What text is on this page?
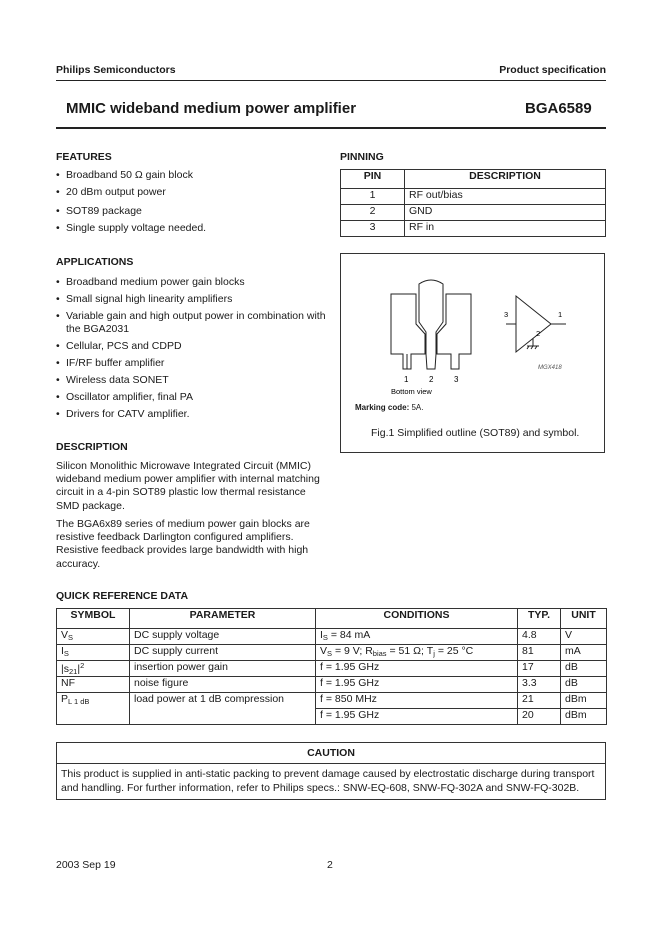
Philips Semiconductors	Product specification
MMIC wideband medium power amplifier	BGA6589
FEATURES
• Broadband 50 Ω gain block
• 20 dBm output power
• SOT89 package
• Single supply voltage needed.
APPLICATIONS
• Broadband medium power gain blocks
• Small signal high linearity amplifiers
• Variable gain and high output power in combination with the BGA2031
• Cellular, PCS and CDPD
• IF/RF buffer amplifier
• Wireless data SONET
• Oscillator amplifier, final PA
• Drivers for CATV amplifier.
DESCRIPTION
Silicon Monolithic Microwave Integrated Circuit (MMIC) wideband medium power amplifier with internal matching circuit in a 4-pin SOT89 plastic low thermal resistance SMD package.
The BGA6x89 series of medium power gain blocks are resistive feedback Darlington configured amplifiers. Resistive feedback provides large bandwidth with high accuracy.
PINNING
PIN	DESCRIPTION
1	RF out/bias
2	GND
3	RF in
1	2	3
Bottom view
3	1
2
MGX418
Marking code: 5A.
Fig.1 Simplified outline (SOT89) and symbol.
QUICK REFERENCE DATA
SYMBOL	PARAMETER	CONDITIONS	TYP.	UNIT
$V_S$	DC supply voltage	$I_S = 84$ mA	4.8	V
$I_S$	DC supply current	$V_S = 9$ V; $R_{bias} = 51$ Ω; $T_j = 25$ °C	81	mA
$|s_{21}|^2$	insertion power gain	f = 1.95 GHz	17	dB
NF	noise figure	f = 1.95 GHz	3.3	dB
$P_{L 1 dB}$	load power at 1 dB compression	f = 850 MHz	21	dBm
		f = 1.95 GHz	20	dBm
CAUTION
This product is supplied in anti-static packing to prevent damage caused by electrostatic discharge during transport and handling. For further information, refer to Philips specs.: SNW-EQ-608, SNW-FQ-302A and SNW-FQ-302B.
2003 Sep 19	2
